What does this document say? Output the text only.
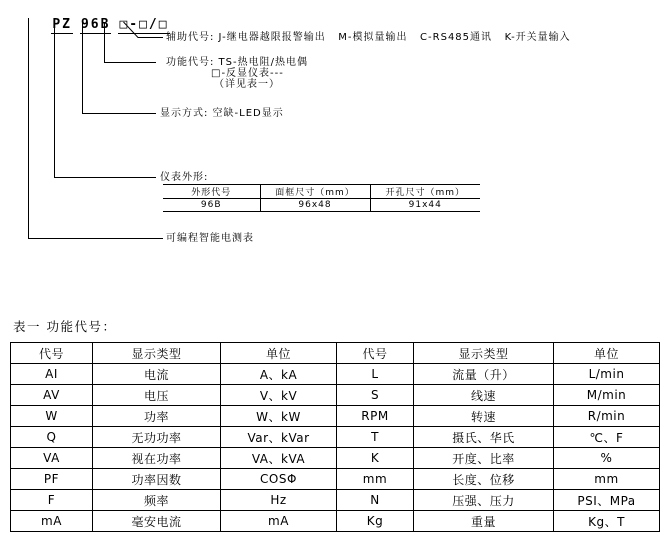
PZ 96B □-□/□

辅助代号: J-继电器越限报警输出   M-模拟量输出   C-RS485通讯   K-开关量输入
功能代号: TS-热电阻/热电偶
□-反显仪表---
（详见表一）
显示方式: 空缺-LED显示
仪表外形:
外形代号	面框尺寸（mm）	开孔尺寸（mm）
96B	96x48	91x44
可编程智能电测表
表一 功能代号：
代号	显示类型	单位	代号	显示类型	单位
AI	电流	A、kA	L	流量（升）	L/min
AV	电压	V、kV	S	线速	M/min
W	功率	W、kW	RPM	转速	R/min
Q	无功功率	Var、kVar	T	摄氏、华氏	℃、F
VA	视在功率	VA、kVA	K	开度、比率	%
PF	功率因数	COSΦ	mm	长度、位移	mm
F	频率	Hz	N	压强、压力	PSI、MPa
mA	毫安电流	mA	Kg	重量	Kg、T
